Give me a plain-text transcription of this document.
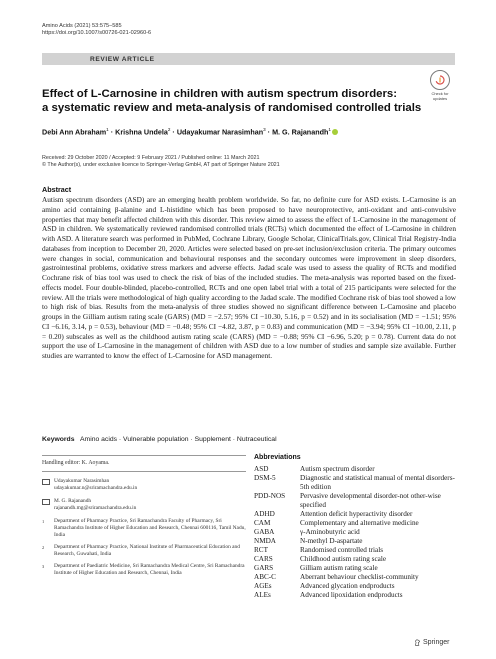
Amino Acids (2021) 53:575–585
https://doi.org/10.1007/s00726-021-02960-6
REVIEW ARTICLE
Check for
updates
Effect of L-Carnosine in children with autism spectrum disorders:
a systematic review and meta-analysis of randomised controlled trials
Debi Ann Abraham$^1$ · Krishna Undela$^2$ · Udayakumar Narasimhan$^3$ · M. G. Rajanandh$^1$
Received: 29 October 2020 / Accepted: 9 February 2021 / Published online: 11 March 2021
© The Author(s), under exclusive licence to Springer-Verlag GmbH, AT part of Springer Nature 2021
Abstract
Autism spectrum disorders (ASD) are an emerging health problem worldwide. So far, no definite cure for ASD exists. L-Carnosine is an amino acid containing β-alanine and L-histidine which has been proposed to have neuroprotective, anti-oxidant and anti-convulsive properties that may benefit affected children with this disorder. This review aimed to assess the effect of L-Carnosine in the management of ASD in children. We systematically reviewed randomised controlled trials (RCTs) which documented the effect of L-Carnosine in children with ASD. A literature search was performed in PubMed, Cochrane Library, Google Scholar, ClinicalTrials.gov, Clinical Trial Registry-India databases from inception to December 20, 2020. Articles were selected based on pre-set inclusion/exclusion criteria. The primary outcomes were changes in social, communication and behavioural responses and the secondary outcomes were improvement in sleep disorders, gastrointestinal problems, oxidative stress markers and adverse effects. Jadad scale was used to assess the quality of RCTs and modified Cochrane risk of bias tool was used to check the risk of bias of the included studies. The meta-analysis was reported based on the fixed-effects model. Four double-blinded, placebo-controlled, RCTs and one open label trial with a total of 215 participants were selected for the review. All the trials were methodological of high quality according to the Jadad scale. The modified Cochrane risk of bias tool showed a low to high risk of bias. Results from the meta-analysis of three studies showed no significant difference between L-Carnosine and placebo groups in the Gilliam autism rating scale (GARS) (MD = −2.57; 95% CI −10.30, 5.16, p = 0.52) and in its socialisation (MD = −1.51; 95% CI −6.16, 3.14, p = 0.53), behaviour (MD = −0.48; 95% CI −4.82, 3.87, p = 0.83) and communication (MD = −3.94; 95% CI −10.00, 2.11, p = 0.20) subscales as well as the childhood autism rating scale (CARS) (MD = −0.88; 95% CI −6.96, 5.20; p = 0.78). Current data do not support the use of L-Carnosine in the management of children with ASD due to a low number of studies and sample size available. Further studies are warranted to know the effect of L-Carnosine for ASD management.
Keywords Amino acids · Vulnerable population · Supplement · Nutraceutical
Abbreviations
ASD	Autism spectrum disorder
DSM-5	Diagnostic and statistical manual of mental disorders-5th edition
PDD-NOS	Pervasive developmental disorder-not other-wise specified
ADHD	Attention deficit hyperactivity disorder
CAM	Complementary and alternative medicine
GABA	γ-Aminobutyric acid
NMDA	N-methyl D-aspartate
RCT	Randomised controlled trials
CARS	Childhood autism rating scale
GARS	Gilliam autism rating scale
ABC-C	Aberrant behaviour checklist-community
AGEs	Advanced glycation endproducts
ALEs	Advanced lipoxidation endproducts
Handling editor: K. Aoyama.
Udayakumar Narasimhan
udayakumar.n@sriramachandra.edu.in
M. G. Rajanandh
rajanandh.mg@sriramachandra.edu.in
1	Department of Pharmacy Practice, Sri Ramachandra Faculty of Pharmacy, Sri Ramachandra Institute of Higher Education and Research, Chennai 600116, Tamil Nadu, India
2	Department of Pharmacy Practice, National Institute of Pharmaceutical Education and Research, Guwahati, India
3	Department of Paediatric Medicine, Sri Ramachandra Medical Centre, Sri Ramachandra Institute of Higher Education and Research, Chennai, India
Springer
